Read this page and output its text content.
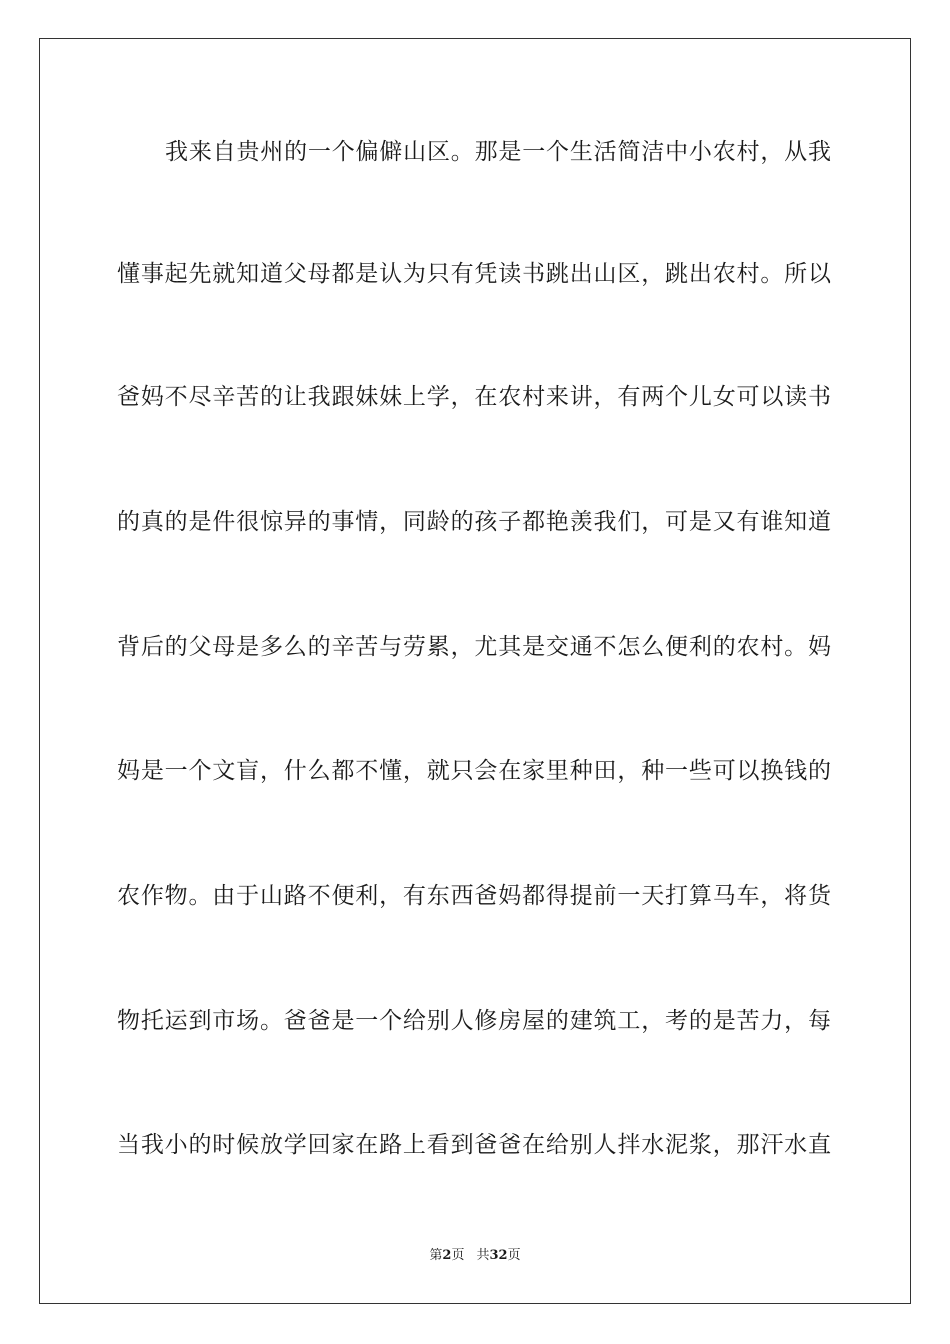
我来自贵州的一个偏僻山区。那是一个生活简洁中小农村，从我
懂事起先就知道父母都是认为只有凭读书跳出山区，跳出农村。所以
爸妈不尽辛苦的让我跟妹妹上学，在农村来讲，有两个儿女可以读书
的真的是件很惊异的事情，同龄的孩子都艳羡我们，可是又有谁知道
背后的父母是多么的辛苦与劳累，尤其是交通不怎么便利的农村。妈
妈是一个文盲，什么都不懂，就只会在家里种田，种一些可以换钱的
农作物。由于山路不便利，有东西爸妈都得提前一天打算马车，将货
物托运到市场。爸爸是一个给别人修房屋的建筑工，考的是苦力，每
当我小的时候放学回家在路上看到爸爸在给别人拌水泥浆，那汗水直
第2页 共32页
